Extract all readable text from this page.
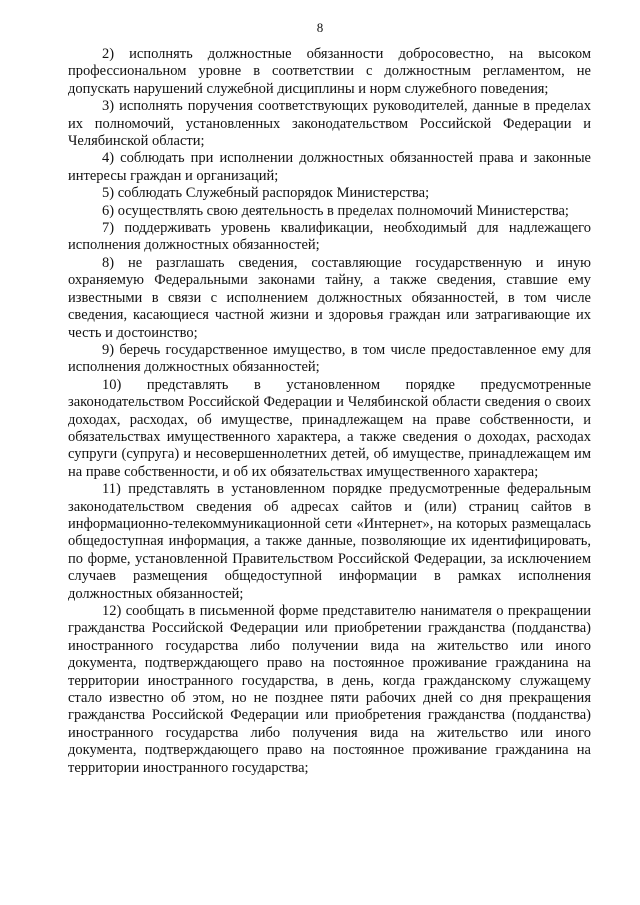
8

2) исполнять должностные обязанности добросовестно, на высоком профессиональном уровне в соответствии с должностным регламентом, не допускать нарушений служебной дисциплины и норм служебного поведения;

3) исполнять поручения соответствующих руководителей, данные в пределах их полномочий, установленных законодательством Российской Федерации и Челябинской области;

4) соблюдать при исполнении должностных обязанностей права и законные интересы граждан и организаций;

5) соблюдать Служебный распорядок Министерства;

6) осуществлять свою деятельность в пределах полномочий Министерства;

7) поддерживать уровень квалификации, необходимый для надлежащего исполнения должностных обязанностей;

8) не разглашать сведения, составляющие государственную и иную охраняемую Федеральными законами тайну, а также сведения, ставшие ему известными в связи с исполнением должностных обязанностей, в том числе сведения, касающиеся частной жизни и здоровья граждан или затрагивающие их честь и достоинство;

9) беречь государственное имущество, в том числе предоставленное ему для исполнения должностных обязанностей;

10) представлять в установленном порядке предусмотренные законодательством Российской Федерации и Челябинской области сведения о своих доходах, расходах, об имуществе, принадлежащем на праве собственности, и обязательствах имущественного характера, а также сведения о доходах, расходах супруги (супруга) и несовершеннолетних детей, об имуществе, принадлежащем им на праве собственности, и об их обязательствах имущественного характера;

11) представлять в установленном порядке предусмотренные федеральным законодательством сведения об адресах сайтов и (или) страниц сайтов в информационно-телекоммуникационной сети «Интернет», на которых размещалась общедоступная информация, а также данные, позволяющие их идентифицировать, по форме, установленной Правительством Российской Федерации, за исключением случаев размещения общедоступной информации в рамках исполнения должностных обязанностей;

12) сообщать в письменной форме представителю нанимателя о прекращении гражданства Российской Федерации или приобретении гражданства (подданства) иностранного государства либо получении вида на жительство или иного документа, подтверждающего право на постоянное проживание гражданина на территории иностранного государства, в день, когда гражданскому служащему стало известно об этом, но не позднее пяти рабочих дней со дня прекращения гражданства Российской Федерации или приобретения гражданства (подданства) иностранного государства либо получения вида на жительство или иного документа, подтверждающего право на постоянное проживание гражданина на территории иностранного государства;
